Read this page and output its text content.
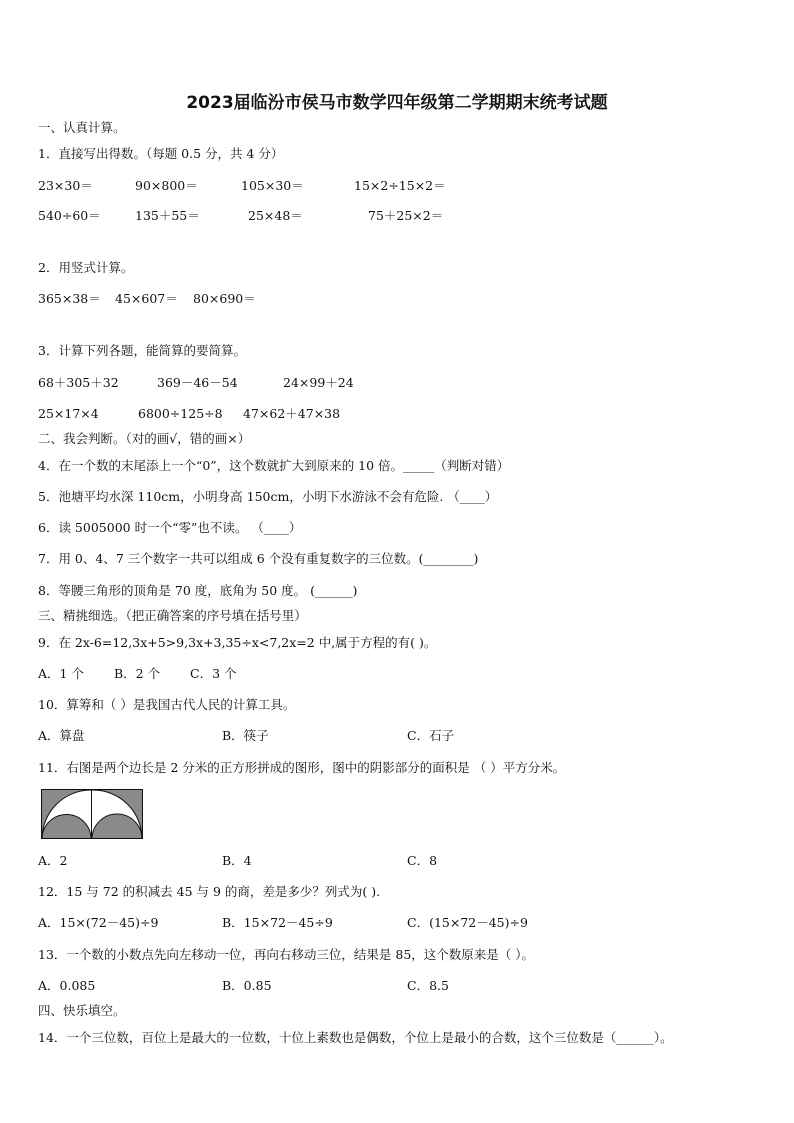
2023届临汾市侯马市数学四年级第二学期期末统考试题
一、认真计算。
1．直接写出得数。（每题 0.5 分，共 4 分）
23×30＝	90×800＝	105×30＝	15×2÷15×2＝
540÷60＝	135＋55＝	25×48＝	75＋25×2＝
2．用竖式计算。
365×38＝ 45×607＝ 80×690＝
3．计算下列各题，能简算的要简算。
68＋305＋32	369－46－54	24×99＋24
25×17×4	6800÷125÷8 47×62＋47×38
二、我会判断。（对的画√，错的画×）
4．在一个数的末尾添上一个“0”，这个数就扩大到原来的 10 倍。_____（判断对错）
5．池塘平均水深 110cm，小明身高 150cm，小明下水游泳不会有危险. （____）
6．读 5005000 时一个“零”也不读。 （____）
7．用 0、4、7 三个数字一共可以组成 6 个没有重复数字的三位数。(________)
8．等腰三角形的顶角是 70 度，底角为 50 度。 (______)
三、精挑细选。（把正确答案的序号填在括号里）
9．在 2x-6=12,3x+5>9,3x+3,35÷x<7,2x=2 中,属于方程的有( )。
A．1 个 B．2 个 C．3 个
10．算筹和（ ）是我国古代人民的计算工具。
A．算盘	B．筷子	C．石子
11．右图是两个边长是 2 分米的正方形拼成的图形，图中的阴影部分的面积是 （ ）平方分米。
A．2	B．4	C．8
12．15 与 72 的积减去 45 与 9 的商，差是多少？列式为( ).
A．15×(72－45)÷9	B．15×72－45÷9	C．(15×72－45)÷9
13．一个数的小数点先向左移动一位，再向右移动三位，结果是 85，这个数原来是（ ）。
A．0.085	B．0.85	C．8.5
四、快乐填空。
14．一个三位数，百位上是最大的一位数，十位上素数也是偶数，个位上是最小的合数，这个三位数是（______）。
